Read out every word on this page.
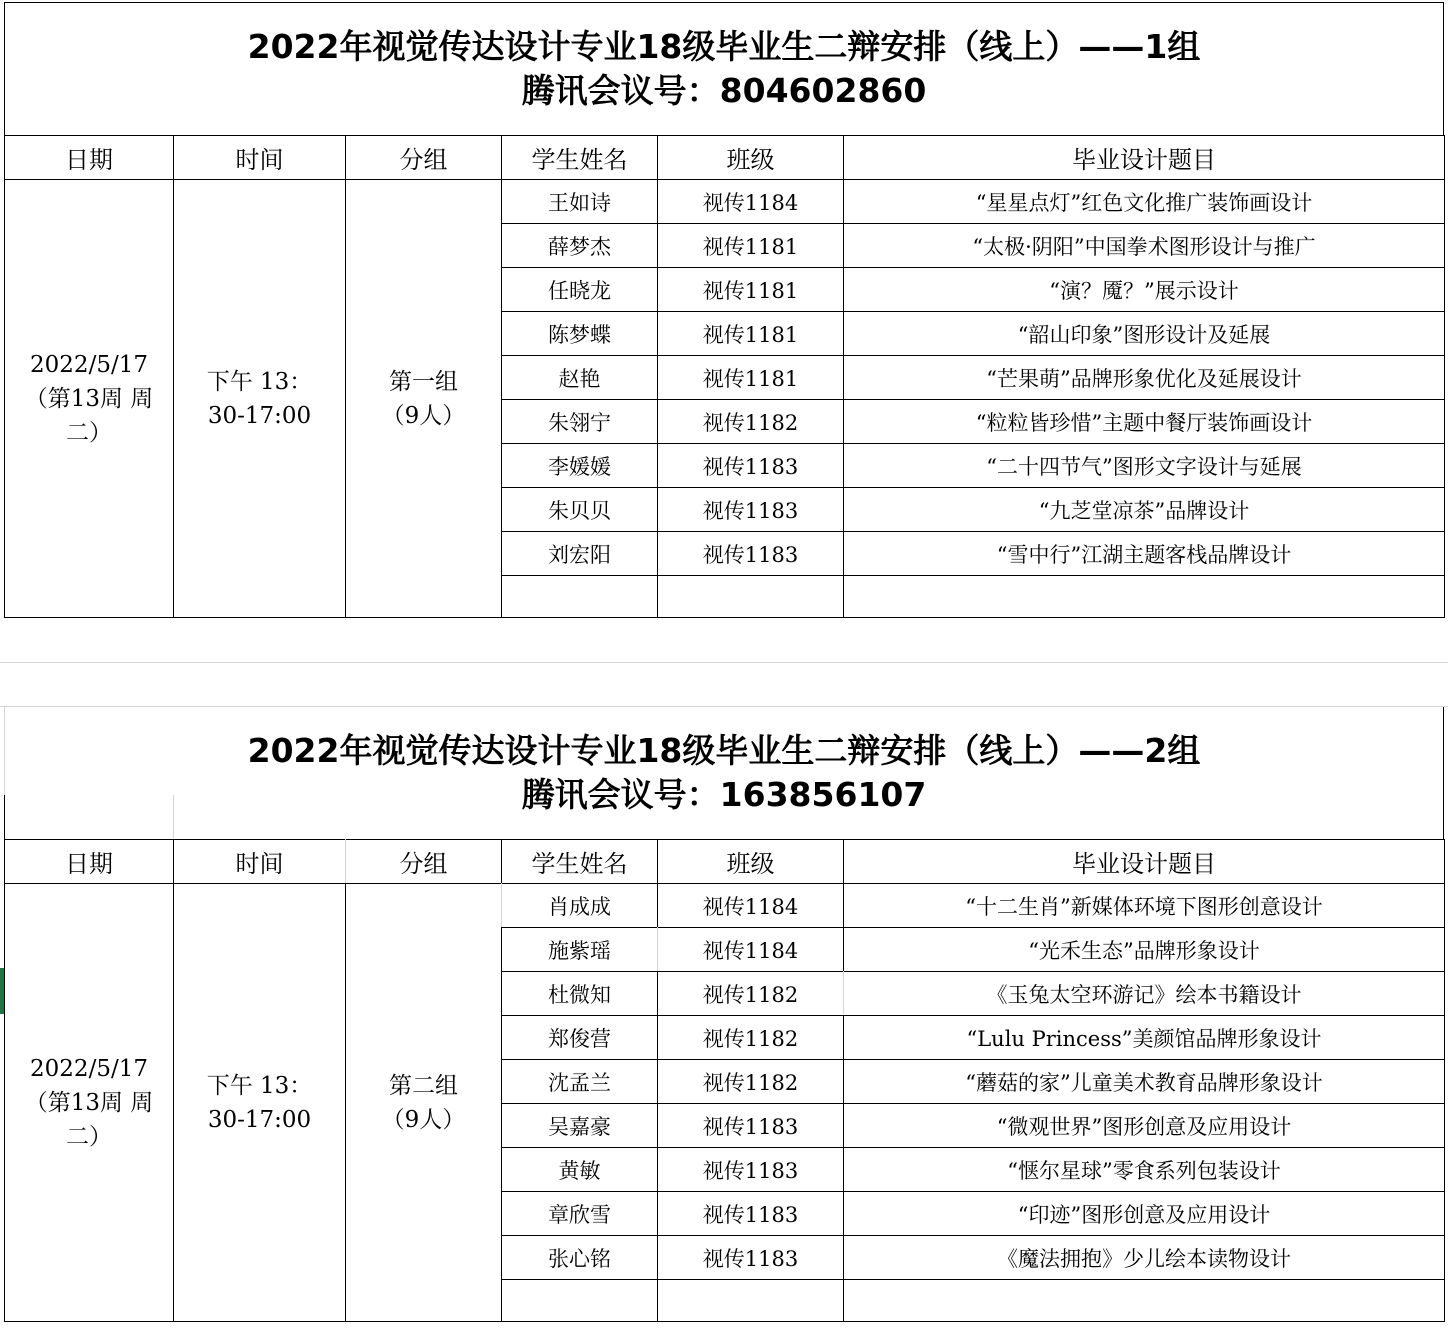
2022年视觉传达设计专业18级毕业生二辩安排（线上）——1组
腾讯会议号：804602860
日期	时间	分组	学生姓名	班级	毕业设计题目
2022/5/17（第13周 周二）	下午 13：30-17:00	第一组（9人）	王如诗	视传1184	“星星点灯”红色文化推广装饰画设计
			薛梦杰	视传1181	“太极·阴阳”中国拳术图形设计与推广
			任晓龙	视传1181	“演？魇？”展示设计
			陈梦蝶	视传1181	“韶山印象”图形设计及延展
			赵艳	视传1181	“芒果萌”品牌形象优化及延展设计
			朱翎宁	视传1182	“粒粒皆珍惜”主题中餐厅装饰画设计
			李媛媛	视传1183	“二十四节气”图形文字设计与延展
			朱贝贝	视传1183	“九芝堂凉茶”品牌设计
			刘宏阳	视传1183	“雪中行”江湖主题客栈品牌设计

2022年视觉传达设计专业18级毕业生二辩安排（线上）——2组
腾讯会议号：163856107
日期	时间	分组	学生姓名	班级	毕业设计题目
2022/5/17（第13周 周二）	下午 13：30-17:00	第二组（9人）	肖成成	视传1184	“十二生肖”新媒体环境下图形创意设计
			施紫瑶	视传1184	“光禾生态”品牌形象设计
			杜微知	视传1182	《玉兔太空环游记》绘本书籍设计
			郑俊营	视传1182	“Lulu Princess”美颜馆品牌形象设计
			沈孟兰	视传1182	“蘑菇的家”儿童美术教育品牌形象设计
			吴嘉豪	视传1183	“微观世界”图形创意及应用设计
			黄敏	视传1183	“惬尔星球”零食系列包装设计
			章欣雪	视传1183	“印迹”图形创意及应用设计
			张心铭	视传1183	《魔法拥抱》少儿绘本读物设计
